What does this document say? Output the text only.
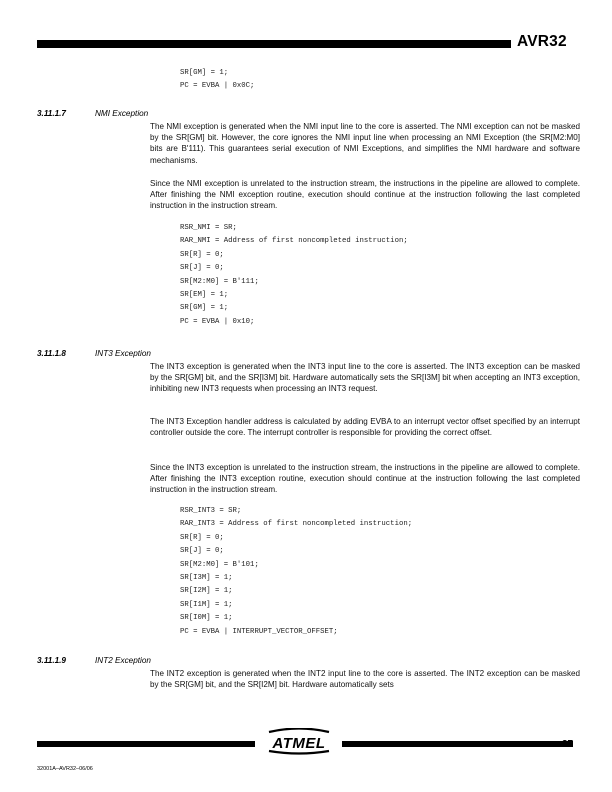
AVR32
SR[GM] = 1;
PC = EVBA | 0x0C;
3.11.1.7	NMI Exception

The NMI exception is generated when the NMI input line to the core is asserted. The NMI exception can not be masked by the SR[GM] bit. However, the core ignores the NMI input line when processing an NMI Exception (the SR[M2:M0] bits are B'111). This guarantees serial execution of NMI Exceptions, and simplifies the NMI hardware and software mechanisms.

Since the NMI exception is unrelated to the instruction stream, the instructions in the pipeline are allowed to complete. After finishing the NMI exception routine, execution should continue at the instruction following the last completed instruction in the instruction stream.

RSR_NMI = SR;
RAR_NMI = Address of first noncompleted instruction;
SR[R] = 0;
SR[J] = 0;
SR[M2:M0] = B'111;
SR[EM] = 1;
SR[GM] = 1;
PC = EVBA | 0x10;
3.11.1.8	INT3 Exception

The INT3 exception is generated when the INT3 input line to the core is asserted. The INT3 exception can be masked by the SR[GM] bit, and the SR[I3M] bit. Hardware automatically sets the SR[I3M] bit when accepting an INT3 exception, inhibiting new INT3 requests when processing an INT3 request.

The INT3 Exception handler address is calculated by adding EVBA to an interrupt vector offset specified by an interrupt controller outside the core. The interrupt controller is responsible for providing the correct offset.

Since the INT3 exception is unrelated to the instruction stream, the instructions in the pipeline are allowed to complete. After finishing the INT3 exception routine, execution should continue at the instruction following the last completed instruction in the instruction stream.

RSR_INT3 = SR;
RAR_INT3 = Address of first noncompleted instruction;
SR[R] = 0;
SR[J] = 0;
SR[M2:M0] = B'101;
SR[I3M] = 1;
SR[I2M] = 1;
SR[I1M] = 1;
SR[I0M] = 1;
PC = EVBA | INTERRUPT_VECTOR_OFFSET;
3.11.1.9	INT2 Exception

The INT2 exception is generated when the INT2 input line to the core is asserted. The INT2 exception can be masked by the SR[GM] bit, and the SR[I2M] bit. Hardware automatically sets

ATMEL	37
32001A–AVR32–06/06
